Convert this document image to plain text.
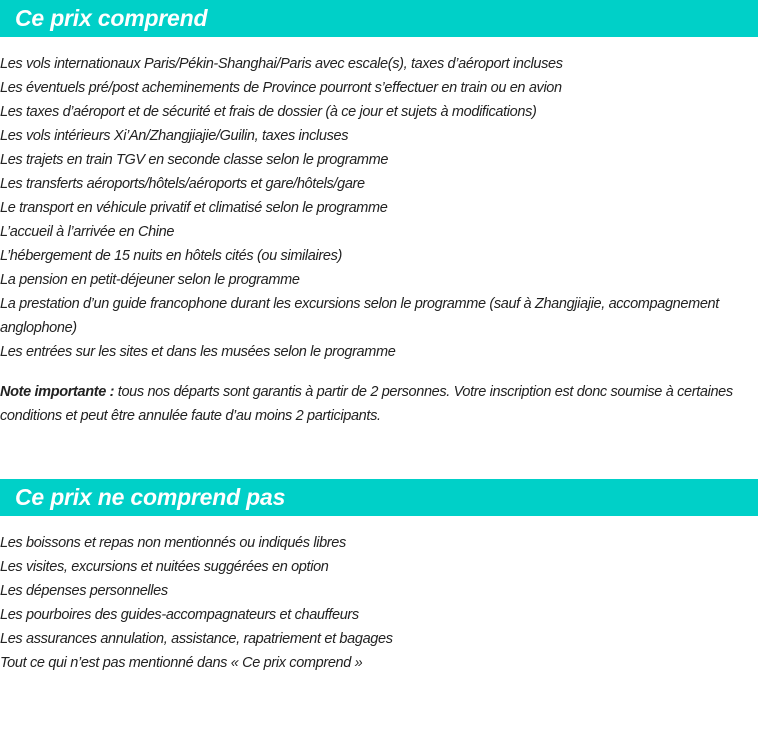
Ce prix comprend
Les vols internationaux Paris/Pékin-Shanghai/Paris avec escale(s), taxes d’aéroport incluses
Les éventuels pré/post acheminements de Province pourront s’effectuer en train ou en avion
Les taxes d’aéroport et de sécurité et frais de dossier (à ce jour et sujets à modifications)
Les vols intérieurs Xi’An/Zhangjiajie/Guilin, taxes incluses
Les trajets en train TGV en seconde classe selon le programme
Les transferts aéroports/hôtels/aéroports et gare/hôtels/gare
Le transport en véhicule privatif et climatisé selon le programme
L’accueil à l’arrivée en Chine
L’hébergement de 15 nuits en hôtels cités (ou similaires)
La pension en petit-déjeuner selon le programme
La prestation d’un guide francophone durant les excursions selon le programme (sauf à Zhangjiajie, accompagnement anglophone)
Les entrées sur les sites et dans les musées selon le programme

Note importante : tous nos départs sont garantis à partir de 2 personnes. Votre inscription est donc soumise à certaines conditions et peut être annulée faute d’au moins 2 participants.

Ce prix ne comprend pas
Les boissons et repas non mentionnés ou indiqués libres
Les visites, excursions et nuitées suggérées en option
Les dépenses personnelles
Les pourboires des guides-accompagnateurs et chauffeurs
Les assurances annulation, assistance, rapatriement et bagages
Tout ce qui n’est pas mentionné dans « Ce prix comprend »
